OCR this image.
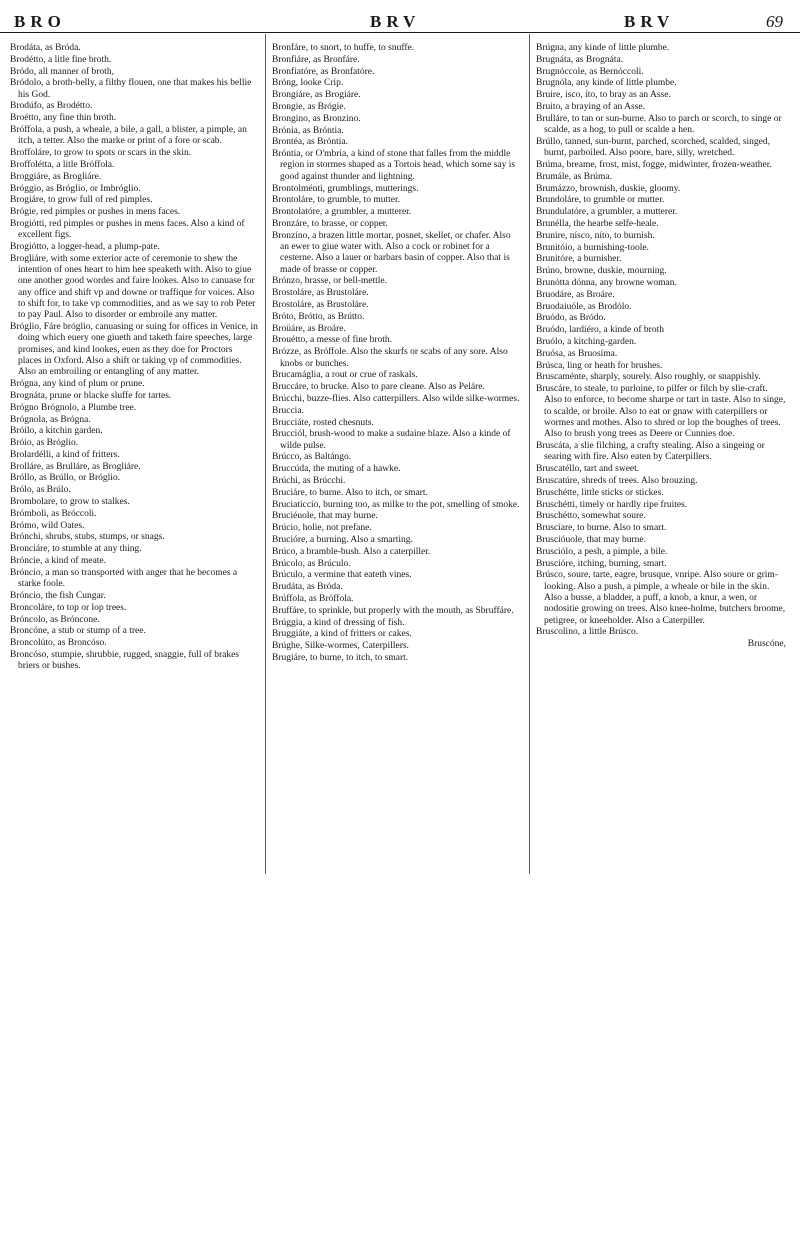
BRO	BRV	BRV	69
Brodáta, as Bróda.
Brodétto, a litle fine broth.
Bródo, all manner of broth,
Bródolo, a broth-belly, a filthy flouen, one that makes his bellie his God.
Brodúfo, as Brodétto.
Broétto, any fine thin broth.
Bróffola, a push, a wheale, a bile, a gall, a blister, a pimple, an itch, a tetter. Also the marke or print of a fore or scab.
Broffoláre, to grow to spots or scars in the skin.
Broffolétta, a litle Bróffola.
Broggiáre, as Brogliáre.
Bróggio, as Bróglio, or Imbróglio.
Brogiáre, to grow full of red pimples.
Brógie, red pimples or pushes in mens faces.
Brogiótti, red pimples or pushes in mens faces. Also a kind of excellent figs.
Brogiótto, a logger-head, a plump-pate.
Brogliáre, with some exterior acte of ceremonie to shew the intention of ones heart to him hee speaketh with. Also to giue one another good wordes and faire lookes. Also to canuase for any office and shift vp and downe or traffique for voices. Also to shift for, to take vp commodities, and as we say to rob Peter to pay Paul. Also to disorder or embroile any matter.
Bróglio, Fáre bróglio, canuasing or suing for offices in Venice, in doing which euery one giueth and taketh faire speeches, large promises, and kind lookes, euen as they doe for Proctors places in Oxford. Also a shift or taking vp of commodities. Also an embroiling or entangling of any matter.
Brógna, any kind of plum or prune.
Brognáta, prune or blacke sluffe for tartes.
Brógno Brógnolo, a Plumbe tree.
Brógnola, as Brógna.
Bróilo, a kitchin garden.
Bróio, as Bróglio.
Brolardélli, a kind of fritters.
Brolláre, as Brulláre, as Brogliáre.
Bróllo, as Brúllo, or Bróglio.
Brólo, as Brúlo.
Brombolare, to grow to stalkes.
Brómboli, as Bróccoli.
Brómo, wild Oates.
Brónchi, shrubs, stubs, stumps, or snags.
Bronciáre, to stumble at any thing.
Bróncie, a kind of meate.
Bróncio, a man so transported with anger that he becomes a starke foole.
Bróncio, the fish Cungar.
Broncoláre, to top or lop trees.
Bróncolo, as Bróncone.
Broncóne, a stub or stump of a tree.
Broncolúto, as Broncóso.
Broncóso, stumpie, shrubbie, rugged, snaggie, full of brakes briers or bushes.
Bronfáre, to snort, to huffe, to snuffe.
Bronfiáre, as Bronfáre.
Bronfiatóre, as Bronfatóre.
Bróng, looke Crip.
Brongiáre, as Brogiáre.
Brongie, as Brógie.
Brongino, as Bronzino.
Brónia, as Bróntia.
Brontéa, as Bróntia.
Bróntia, or O'mbria, a kind of stone that falles from the middle region in stormes shaped as a Tortois head, which some say is good against thunder and lightning.
Brontolménti, grumblings, mutterings.
Brontoláre, to grumble, to mutter.
Brontolatóre, a grumbler, a mutterer.
Bronzáre, to brasse, or copper.
Bronzíno, a brazen little mortar, posnet, skellet, or chafer. Also an ewer to giue water with. Also a cock or robinet for a cesterne. Also a lauer or barbars basin of copper. Also that is made of brasse or copper.
Brónzo, brasse, or bell-mettle.
Brostoláre, as Brustoláre.
Brostoláre, as Brustoláre.
Bróto, Brótto, as Brútto.
Broüáre, as Broáre.
Brouétto, a messe of fine broth.
Brózze, as Bróffole. Also the skurfs or scabs of any sore. Also knobs or bunches.
Brucamáglia, a rout or crue of raskals.
Bruccáre, to brucke. Also to pare cleane. Also as Peláre.
Brúcchi, buzze-flies. Also catterpillers. Also wilde silke-wormes.
Bruccia.
Brucciáte, rosted chesnuts.
Brucciól, brush-wood to make a sudaine blaze. Also a kinde of wilde pulse.
Brúcco, as Baltángo.
Bruccúda, the muting of a hawke.
Brúchi, as Brúcchi.
Bruciáre, to burne. Also to itch, or smart.
Bruciaticcio, burning too, as milke to the pot, smelling of smoke.
Bruciéuole, that may burne.
Brúcio, holie, not prefane.
Brucióre, a burning. Also a smarting.
Brúco, a bramble-bush. Also a caterpiller.
Brúcolo, as Brúculo.
Brúculo, a vermine that eateth vines.
Brudáta, as Bróda.
Brúffola, as Bróffola.
Bruffáre, to sprinkle, but properly with the mouth, as Sbruffáre.
Brúggia, a kind of dressing of fish.
Bruggiáte, a kind of fritters or cakes.
Brúghe, Silke-wormes, Caterpillers.
Brugiáre, to burne, to itch, to smart.
Brúgna, any kinde of little plumbe.
Brugnáta, as Brognáta.
Brugnóccole, as Bernóccoli.
Brugnóla, any kinde of little plumbe.
Bruire, ísco, íto, to bray as an Asse.
Bruito, a braying of an Asse.
Brulláre, to tan or sun-burne. Also to parch or scorch, to singe or scalde, as a hog, to pull or scalde a hen.
Brúllo, tanned, sun-burnt, parched, scorched, scalded, singed, burnt, parboiled. Also poore, bare, silly, wretched.
Brúma, breame, frost, mist, fogge, midwinter, frozen-weather.
Brumále, as Brúma.
Brumázzo, brownish, duskie, gloomy.
Brundoláre, to grumble or mutter.
Brundulatóre, a grumbler, a mutterer.
Brunélla, the hearbe selfe-heale.
Brunire, nísco, níto, to burnish.
Brunitóio, a burnishing-toole.
Brunitóre, a burnisher.
Brúno, browne, duskie, mourning.
Brunótta dónna, any browne woman.
Bruodáre, as Broáre.
Bruodaiuóle, as Brodólo.
Bruódo, as Bródo.
Bruódo, lardiéro, a kinde of broth
Bruólo, a kitching-garden.
Bruósa, as Bruosíma.
Brúsca, ling or heath for brushes.
Bruscaménte, sharply, sourely. Also roughly, or snappishly.
Bruscáre, to steale, to purloine, to pilfer or filch by slie-craft. Also to enforce, to become sharpe or tart in taste. Also to singe, to scalde, or broile. Also to eat or gnaw with caterpillers or wormes and mothes. Also to shred or lop the boughes of trees. Also to brush yong trees as Deere or Cunnies doe.
Bruscáta, a slie filching, a crafty stealing. Also a singeing or searing with fire. Also eaten by Caterpillers.
Bruscatéllo, tart and sweet.
Bruscatúre, shreds of trees. Also brouzing.
Bruschétte, little sticks or stickes.
Bruschétti, timely or hardly ripe fruites.
Bruschétto, somewhat soure.
Bruscíare, to burne. Also to smart.
Bruscióuole, that may burne.
Brusciólo, a pesh, a pimple, a bile.
Bruscióre, itching, burning, smart.
Brúsco, soure, tarte, eagre, brusque, vnripe. Also soure or grim-looking. Also a push, a pimple, a wheale or bile in the skin. Also a busse, a bladder, a puff, a knob, a knur, a wen, or nodositie growing on trees. Also knee-holme, butchers broome, petigree, or kneeholder. Also a Caterpiller.
Bruscolino, a little Brúsco.
Bruscóne,
